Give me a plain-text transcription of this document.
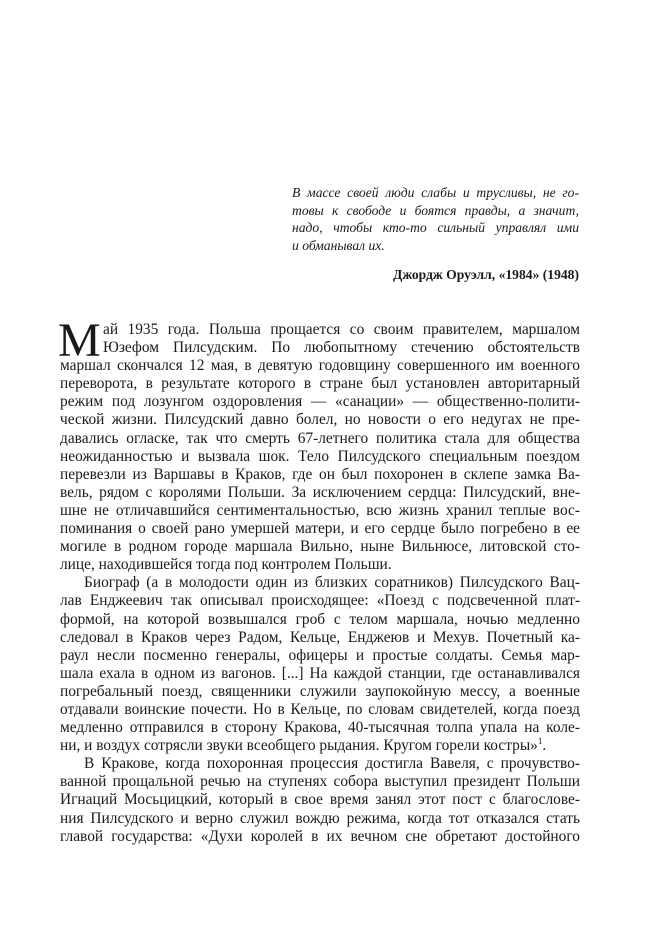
В массе своей люди слабы и трусливы, не го-
товы к свободе и боятся правды, а значит,
надо, чтобы кто-то сильный управлял ими
и обманывал их.
Джордж Оруэлл, «1984» (1948)
М ай 1935 года. Польша прощается со своим правителем, маршалом
Юзефом Пилсудским. По любопытному стечению обстоятельств
маршал скончался 12 мая, в девятую годовщину совершенного им военного
переворота, в результате которого в стране был установлен авторитарный
режим под лозунгом оздоровления — «санации» — общественно-полити-
ческой жизни. Пилсудский давно болел, но новости о его недугах не пре-
давались огласке, так что смерть 67-летнего политика стала для общества
неожиданностью и вызвала шок. Тело Пилсудского специальным поездом
перевезли из Варшавы в Краков, где он был похоронен в склепе замка Ва-
вель, рядом с королями Польши. За исключением сердца: Пилсудский, вне-
шне не отличавшийся сентиментальностью, всю жизнь хранил теплые вос-
поминания о своей рано умершей матери, и его сердце было погребено в ее
могиле в родном городе маршала Вильно, ныне Вильнюсе, литовской сто-
лице, находившейся тогда под контролем Польши.
Биограф (а в молодости один из близких соратников) Пилсудского Вац-
лав Енджеевич так описывал происходящее: «Поезд с подсвеченной плат-
формой, на которой возвышался гроб с телом маршала, ночью медленно
следовал в Краков через Радом, Кельце, Енджеюв и Мехув. Почетный ка-
раул несли посменно генералы, офицеры и простые солдаты. Семья мар-
шала ехала в одном из вагонов. [...] На каждой станции, где останавливался
погребальный поезд, священники служили заупокойную мессу, а военные
отдавали воинские почести. Но в Кельце, по словам свидетелей, когда поезд
медленно отправился в сторону Кракова, 40-тысячная толпа упала на коле-
ни, и воздух сотрясли звуки всеобщего рыдания. Кругом горели костры»$^1$.
В Кракове, когда похоронная процессия достигла Вавеля, с прочувство-
ванной прощальной речью на ступенях собора выступил президент Польши
Игнаций Мосьцицкий, который в свое время занял этот пост с благослове-
ния Пилсудского и верно служил вождю режима, когда тот отказался стать
главой государства: «Духи королей в их вечном сне обретают достойного
